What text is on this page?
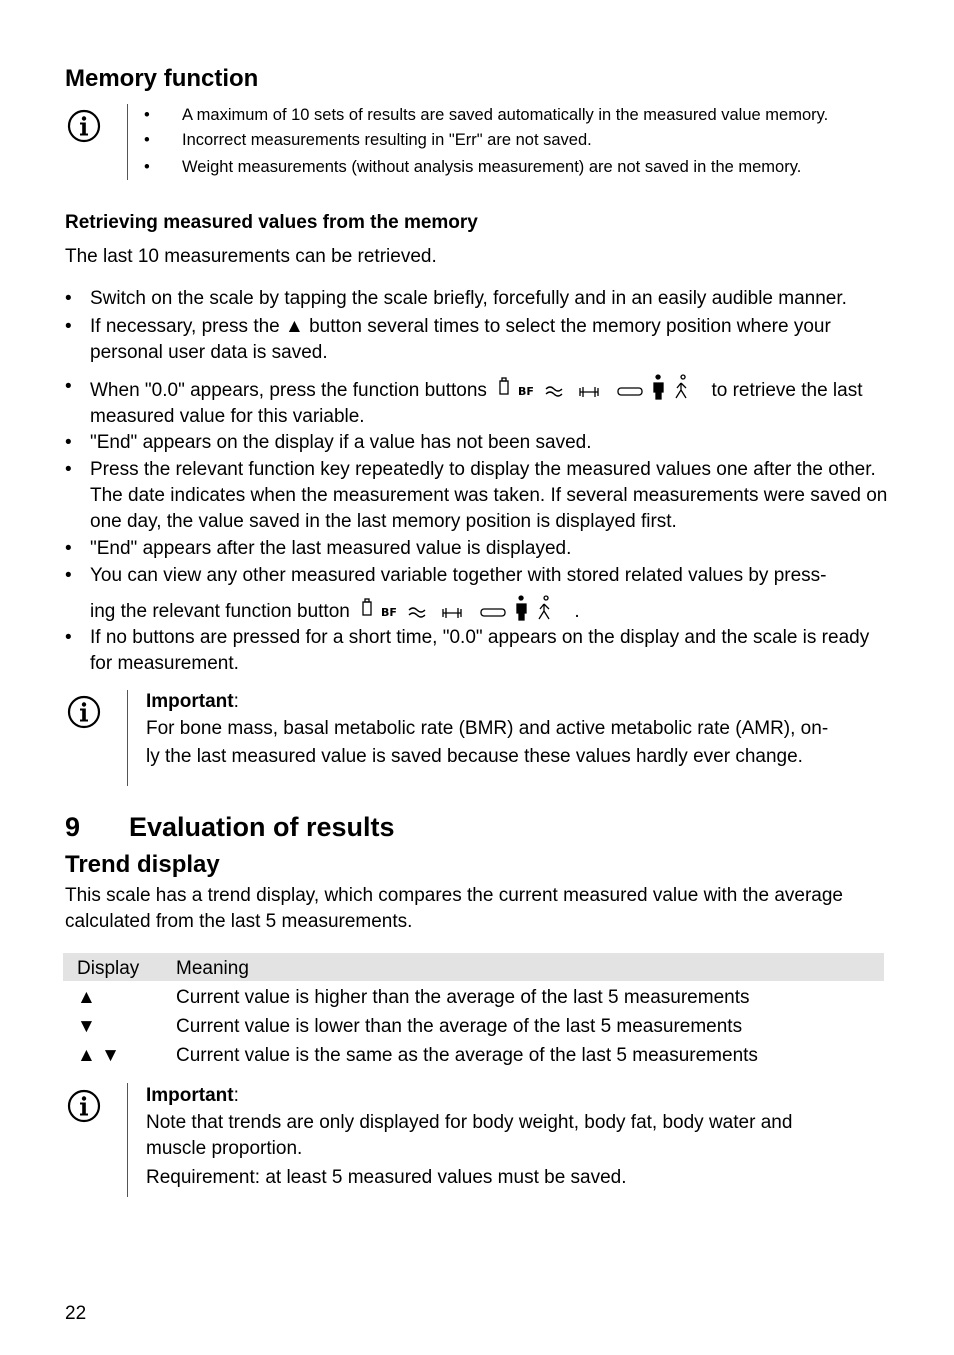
Memory function
• A maximum of 10 sets of results are saved automatically in the measured value memory.
• Incorrect measurements resulting in "Err" are not saved.
• Weight measurements (without analysis measurement) are not saved in the memory.
Retrieving measured values from the memory
The last 10 measurements can be retrieved.
• Switch on the scale by tapping the scale briefly, forcefully and in an easily audible manner.
• If necessary, press the ▲ button several times to select the memory position where your personal user data is saved.
• When "0.0" appears, press the function buttons	BF	to retrieve the last measured value for this variable.
• "End" appears on the display if a value has not been saved.
• Press the relevant function key repeatedly to display the measured values one after the other. The date indicates when the measurement was taken. If several measurements were saved on one day, the value saved in the last memory position is displayed first.
• "End" appears after the last measured value is displayed.
• You can view any other measured variable together with stored related values by press-
ing the relevant function button	BF	.
• If no buttons are pressed for a short time, "0.0" appears on the display and the scale is ready for measurement.
Important:
For bone mass, basal metabolic rate (BMR) and active metabolic rate (AMR), on-
ly the last measured value is saved because these values hardly ever change.
9 Evaluation of results
Trend display
This scale has a trend display, which compares the current measured value with the average
calculated from the last 5 measurements.
Display Meaning
▲	Current value is higher than the average of the last 5 measurements
▼	Current value is lower than the average of the last 5 measurements
▲ ▼	Current value is the same as the average of the last 5 measurements
Important:
Note that trends are only displayed for body weight, body fat, body water and
muscle proportion.
Requirement: at least 5 measured values must be saved.
22
